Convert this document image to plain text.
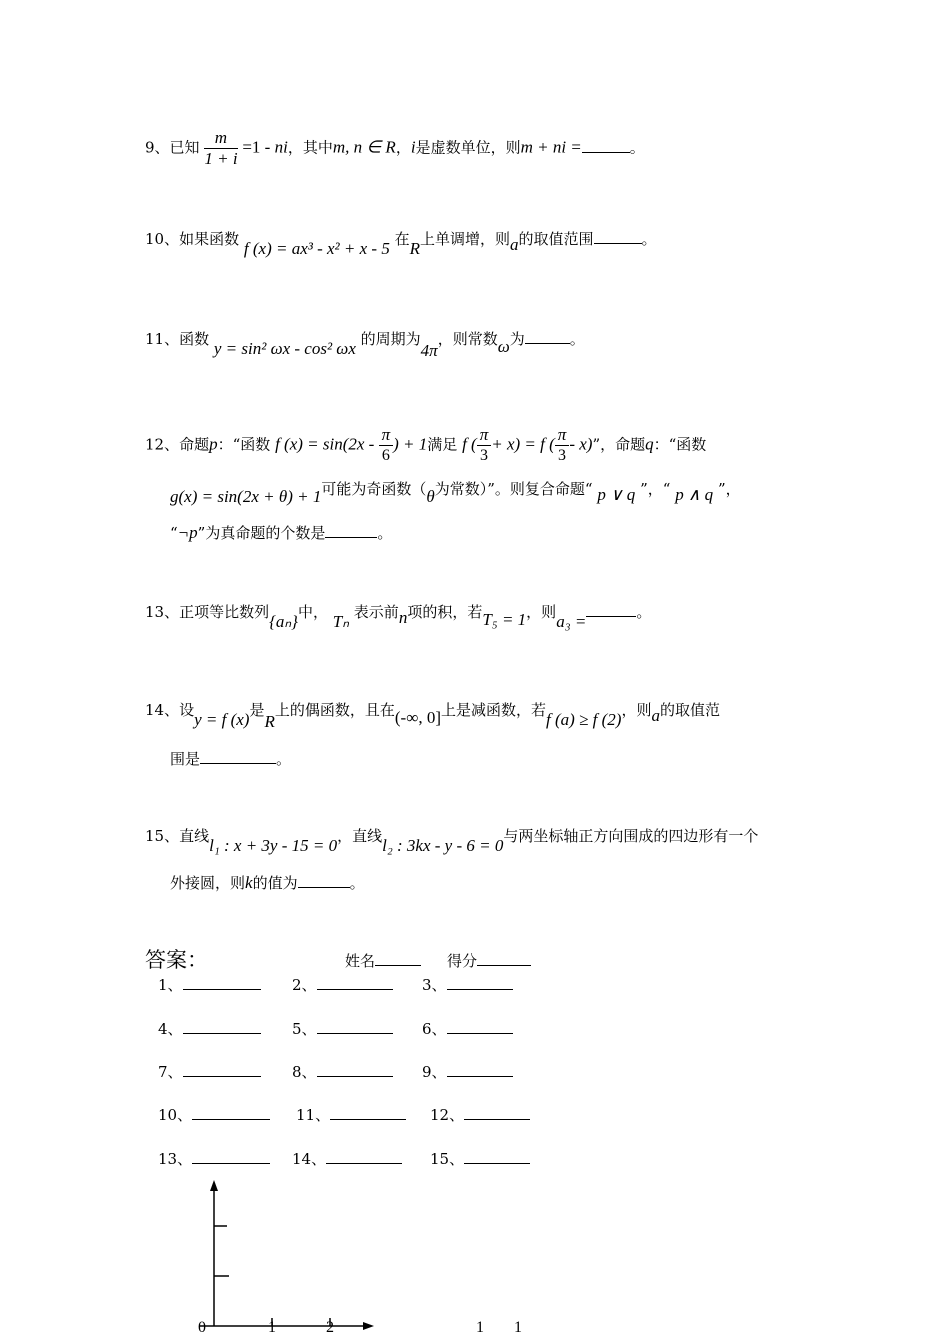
9、已知 $\frac{m}{1 + i} =1$ - ni，其中m, n ∈ R，i是虚数单位，则m + ni =	。
10、如果函数 f (x) = ax³ - x² + x - 5 在R上单调增，则a的取值范围	。
11、函数 y = sin² ωx - cos² ωx 的周期为4π，则常数ω为	。
12、命题p：“函数 f $(x) = \sin(2x - \frac{\pi}{6}$ ) + 1满足 f ( $\frac{\pi}{3} + x) = f$ ( $\frac{\pi}{3} - x$)”，命题q：“函数
g(x) = sin(2x + θ) + 1可能为奇函数（θ为常数）”。则复合命题“ p ∨ q ”，“ p ∧ q ”，
“¬p”为真命题的个数是	。
13、正项等比数列{aₙ}中， Tₙ 表示前n项的积，若T₅ = 1，则a₃ =	。
14、设y = f (x)是R上的偶函数，且在(-∞, 0]上是减函数，若f (a) ≥ f (2)，则a的取值范
围是	。
15、直线l₁ : x + 3y - 15 = 0，直线l₂ : 3kx - y - 6 = 0与两坐标轴正方向围成的四边形有一个
外接圆，则k的值为	。
答案：	姓名	得分
1、	2、	3、
4、	5、	6、
7、	8、	9、
10、	11、	12、
13、	14、	15、
0	1	2	1 1
